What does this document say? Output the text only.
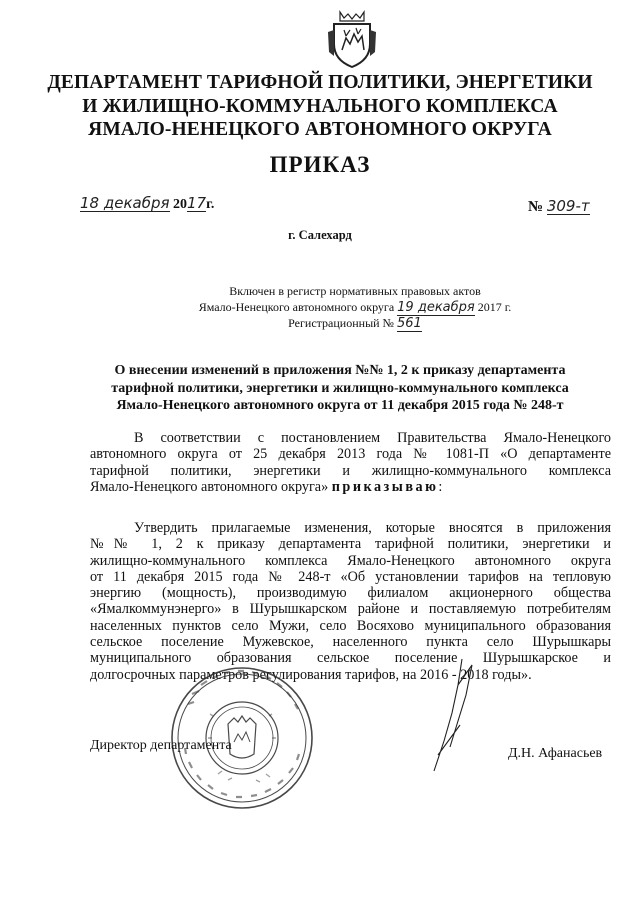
ДЕПАРТАМЕНТ ТАРИФНОЙ ПОЛИТИКИ, ЭНЕРГЕТИКИ
И ЖИЛИЩНО-КОММУНАЛЬНОГО КОМПЛЕКСА
ЯМАЛО-НЕНЕЦКОГО АВТОНОМНОГО ОКРУГА
ПРИКАЗ
18 декабря 2017г.	№ 309-т
г. Салехард
Включен в регистр нормативных правовых актов
Ямало-Ненецкого автономного округа 19 декабря 2017 г.
Регистрационный № 561
О внесении изменений в приложения №№ 1, 2 к приказу департамента
тарифной политики, энергетики и жилищно-коммунального комплекса
Ямало-Ненецкого автономного округа от 11 декабря 2015 года № 248-т
В соответствии с постановлением Правительства Ямало-Ненецкого
автономного округа от 25 декабря 2013 года № 1081-П «О департаменте
тарифной политики, энергетики и жилищно-коммунального комплекса
Ямало-Ненецкого автономного округа» приказываю:
Утвердить прилагаемые изменения, которые вносятся в приложения
№№ 1, 2 к приказу департамента тарифной политики, энергетики и
жилищно-коммунального комплекса Ямало-Ненецкого автономного округа
от 11 декабря 2015 года № 248-т «Об установлении тарифов на тепловую
энергию (мощность), производимую филиалом акционерного общества
«Ямалкоммунэнерго» в Шурышкарском районе и поставляемую потребителям
населенных пунктов село Мужи, село Восяхово муниципального образования
сельское поселение Мужевское, населенного пункта село Шурышкары
муниципального образования сельское поселение Шурышкарское и
долгосрочных параметров регулирования тарифов, на 2016 - 2018 годы».
Директор департамента
Д.Н. Афанасьев
